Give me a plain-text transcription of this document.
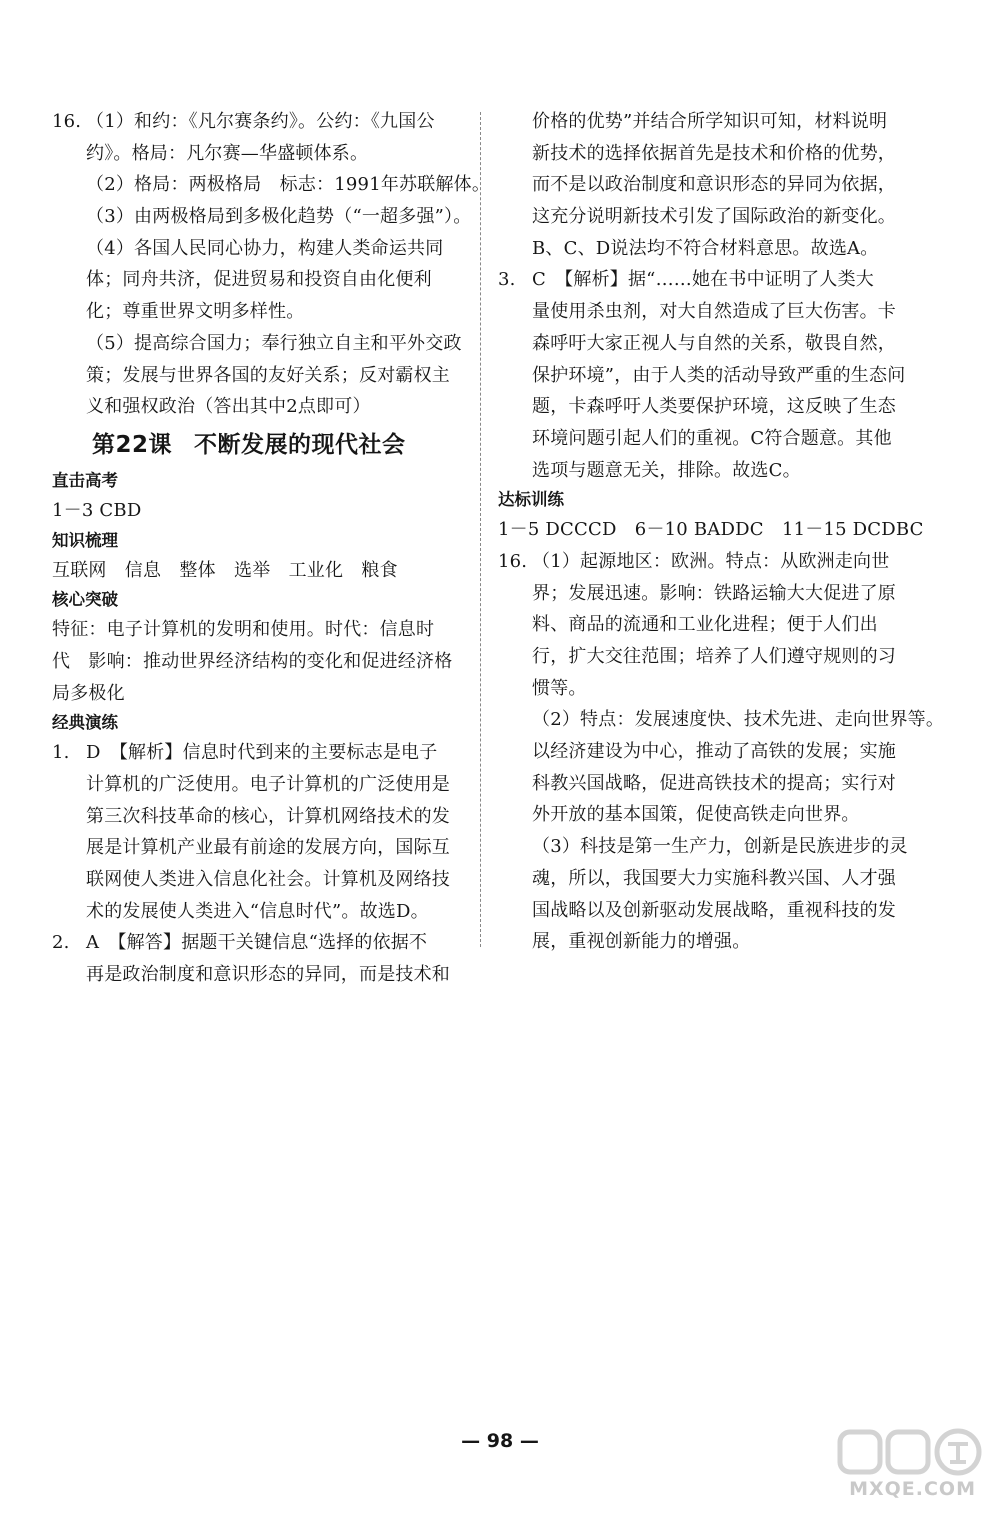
16. （1）和约：《凡尔赛条约》。公约：《九国公
约》。格局：凡尔赛—华盛顿体系。
（2）格局：两极格局　标志：1991年苏联解体。
（3）由两极格局到多极化趋势（“一超多强”）。
（4）各国人民同心协力，构建人类命运共同
体；同舟共济，促进贸易和投资自由化便利
化；尊重世界文明多样性。
（5）提高综合国力；奉行独立自主和平外交政
策；发展与世界各国的友好关系；反对霸权主
义和强权政治（答出其中2点即可）
第22课 不断发展的现代社会
直击高考
1－3 CBD
知识梳理
互联网　信息　整体　选举　工业化　粮食
核心突破
特征：电子计算机的发明和使用。时代：信息时
代　影响：推动世界经济结构的变化和促进经济格
局多极化
经典演练
1. D　【解析】信息时代到来的主要标志是电子
计算机的广泛使用。电子计算机的广泛使用是
第三次科技革命的核心，计算机网络技术的发
展是计算机产业最有前途的发展方向，国际互
联网使人类进入信息化社会。计算机及网络技
术的发展使人类进入“信息时代”。故选D。
2. A　【解答】据题干关键信息“选择的依据不
再是政治制度和意识形态的异同，而是技术和
价格的优势”并结合所学知识可知，材料说明
新技术的选择依据首先是技术和价格的优势，
而不是以政治制度和意识形态的异同为依据，
这充分说明新技术引发了国际政治的新变化。
B、C、D说法均不符合材料意思。故选A。
3. C　【解析】据“……她在书中证明了人类大
量使用杀虫剂，对大自然造成了巨大伤害。卡
森呼吁大家正视人与自然的关系，敬畏自然，
保护环境”，由于人类的活动导致严重的生态问
题，卡森呼吁人类要保护环境，这反映了生态
环境问题引起人们的重视。C符合题意。其他
选项与题意无关，排除。故选C。
达标训练
1－5 DCCCD　6－10 BADDC　11－15 DCDBC
16. （1）起源地区：欧洲。特点：从欧洲走向世
界；发展迅速。影响：铁路运输大大促进了原
料、商品的流通和工业化进程；便于人们出
行，扩大交往范围；培养了人们遵守规则的习
惯等。
（2）特点：发展速度快、技术先进、走向世界等。
以经济建设为中心，推动了高铁的发展；实施
科教兴国战略，促进高铁技术的提高；实行对
外开放的基本国策，促使高铁走向世界。
（3）科技是第一生产力，创新是民族进步的灵
魂，所以，我国要大力实施科教兴国、人才强
国战略以及创新驱动发展战略，重视科技的发
展，重视创新能力的增强。
— 98 —
MXQE.COM
